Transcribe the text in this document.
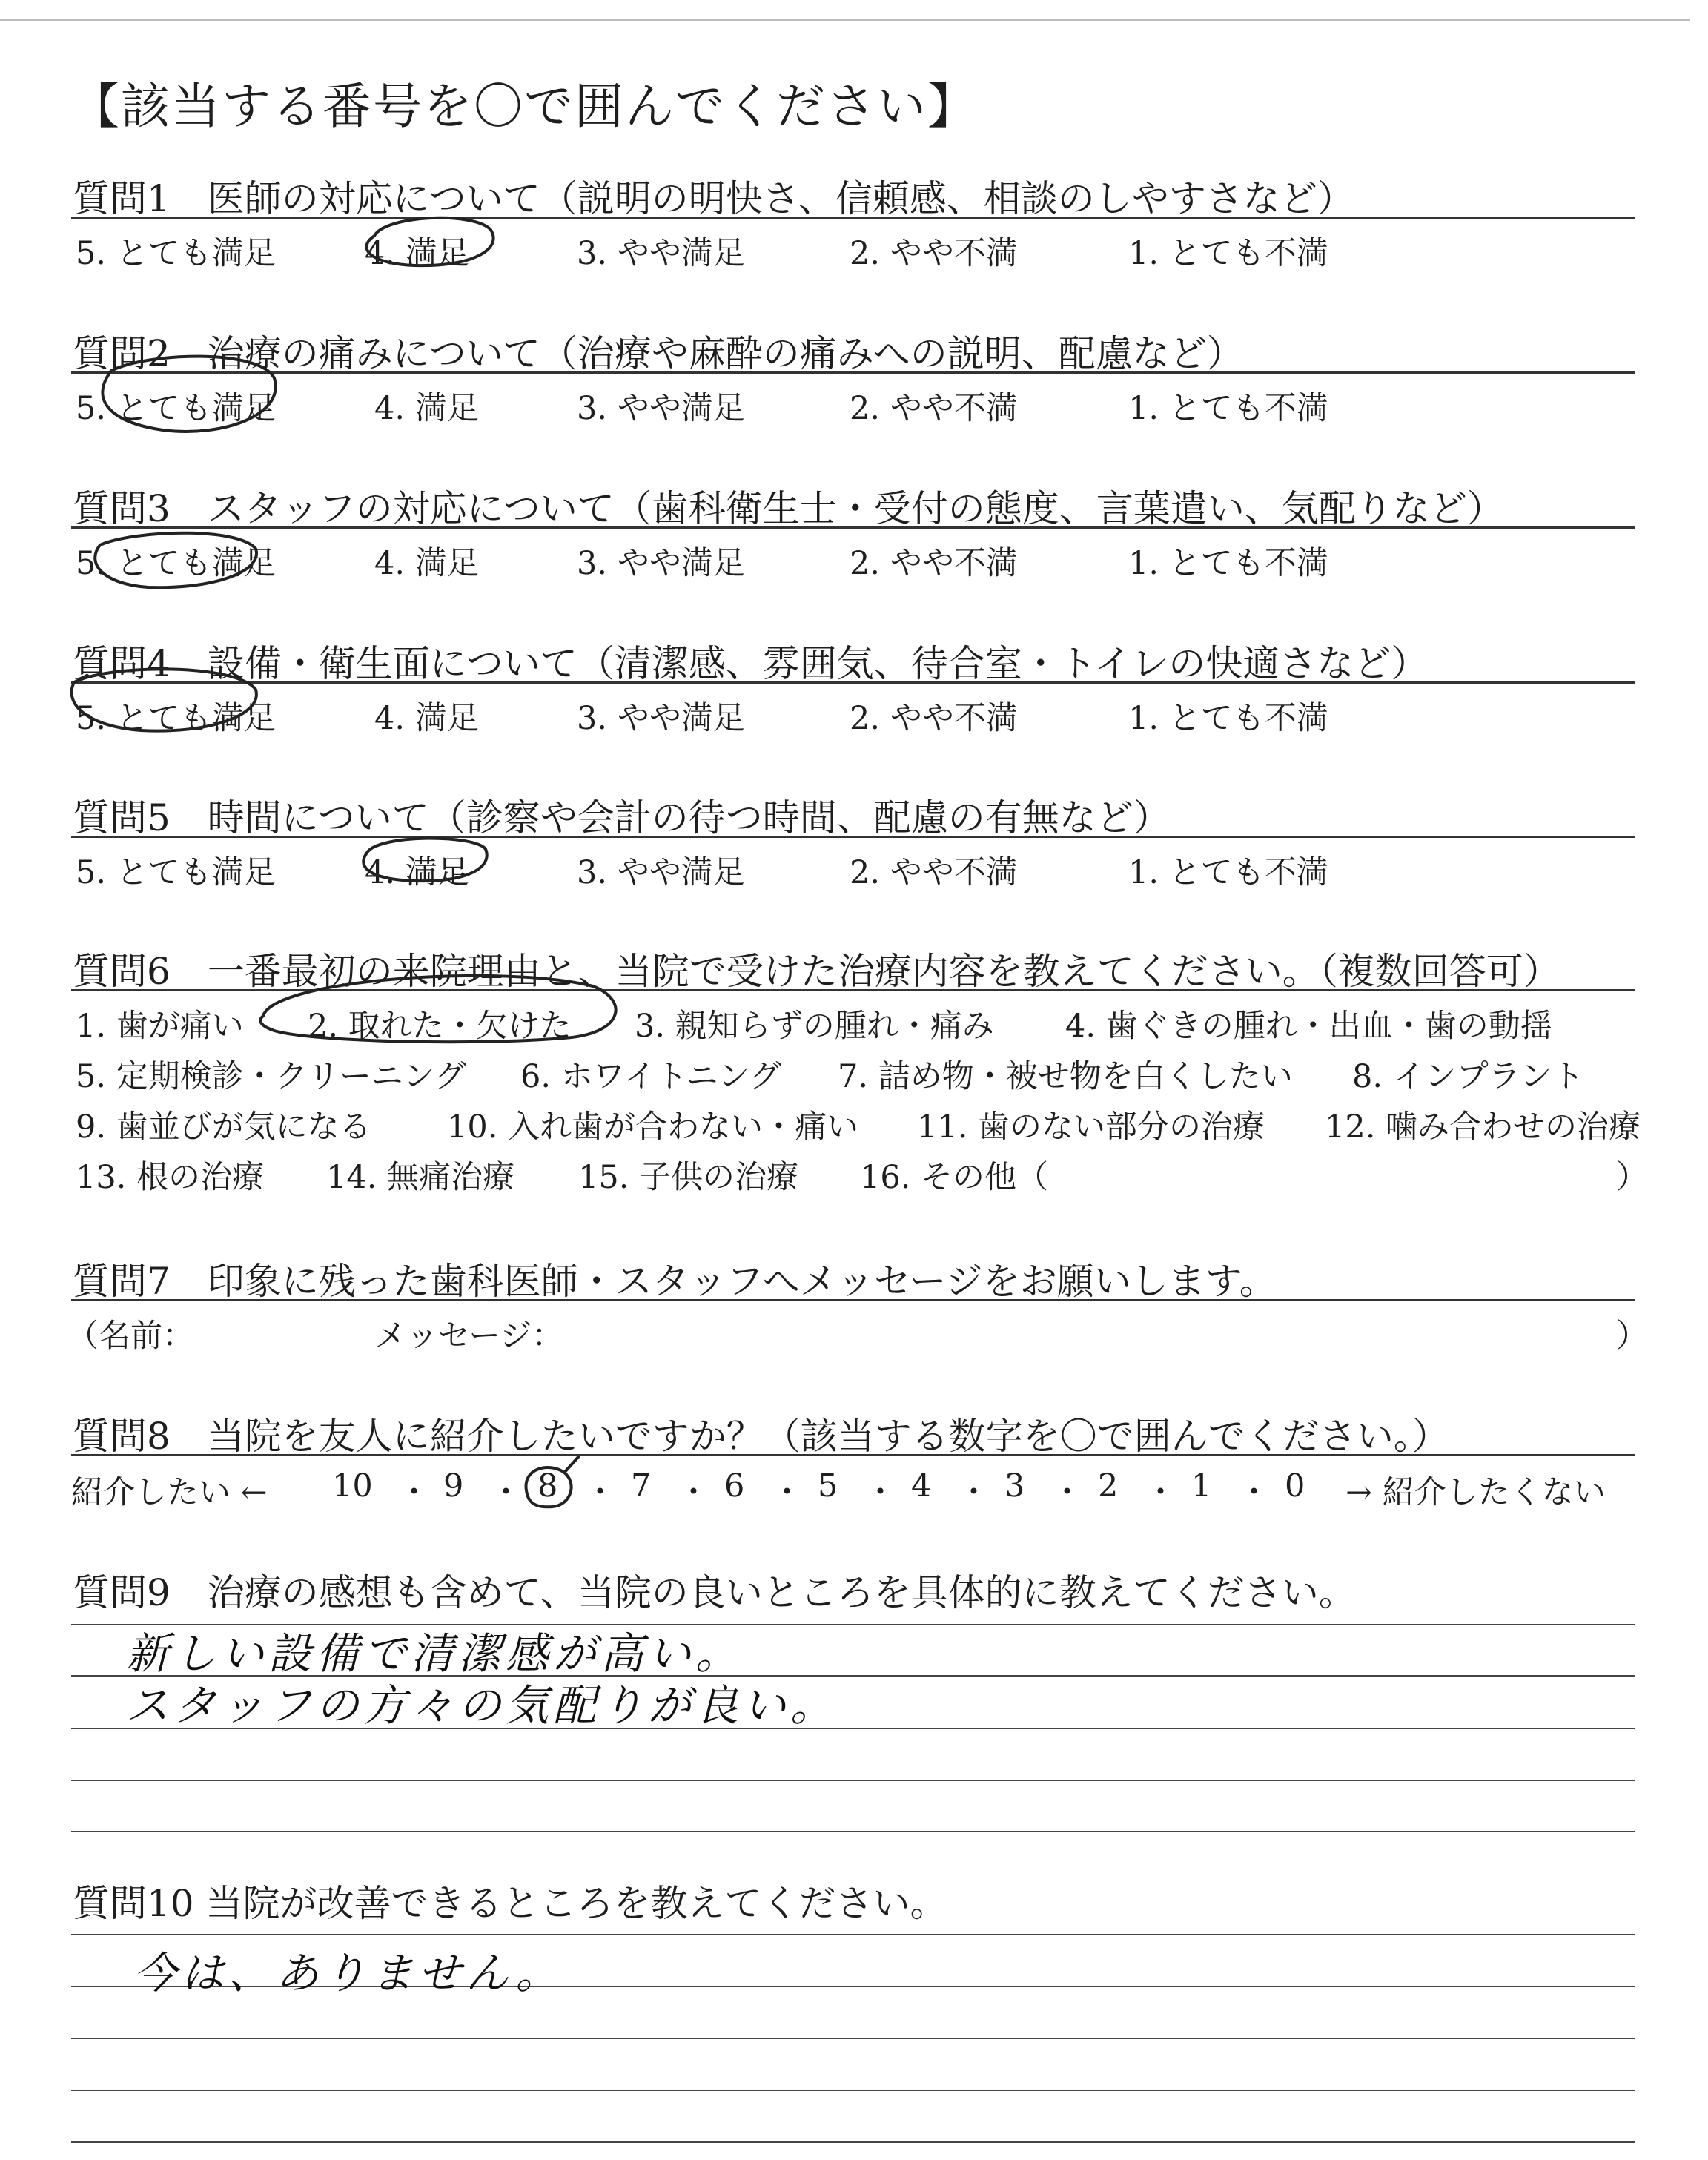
【該当する番号を〇で囲んでください】
質問1　医師の対応について（説明の明快さ、信頼感、相談のしやすさなど）
5. とても満足	4. 満足	3. やや満足	2. やや不満	1. とても不満
質問2　治療の痛みについて（治療や麻酔の痛みへの説明、配慮など）
5. とても満足	4. 満足	3. やや満足	2. やや不満	1. とても不満
質問3　スタッフの対応について（歯科衛生士・受付の態度、言葉遣い、気配りなど）
5. とても満足	4. 満足	3. やや満足	2. やや不満	1. とても不満
質問4　設備・衛生面について（清潔感、雰囲気、待合室・トイレの快適さなど）
5. とても満足	4. 満足	3. やや満足	2. やや不満	1. とても不満
質問5　時間について（診察や会計の待つ時間、配慮の有無など）
5. とても満足	4. 満足	3. やや満足	2. やや不満	1. とても不満
質問6　一番最初の来院理由と、当院で受けた治療内容を教えてください。（複数回答可）
1. 歯が痛い 2. 取れた・欠けた 3. 親知らずの腫れ・痛み 4. 歯ぐきの腫れ・出血・歯の動揺
5. 定期検診・クリーニング 6. ホワイトニング 7. 詰め物・被せ物を白くしたい 8. インプラント
9. 歯並びが気になる 10. 入れ歯が合わない・痛い 11. 歯のない部分の治療 12. 噛み合わせの治療
13. 根の治療 14. 無痛治療 15. 子供の治療 16. その他（	）
質問7　印象に残った歯科医師・スタッフへメッセージをお願いします。
（名前：	メッセージ：	）
質問8　当院を友人に紹介したいですか？（該当する数字を〇で囲んでください。）
紹介したい ← 10 ・ 9 ・ 8 ・ 7 ・ 6 ・ 5 ・ 4 ・ 3 ・ 2 ・ 1 ・ 0 → 紹介したくない
質問9　治療の感想も含めて、当院の良いところを具体的に教えてください。
新しい設備で清潔感が高い。
スタッフの方々の気配りが良い。
質問10 当院が改善できるところを教えてください。
今は、ありません。
